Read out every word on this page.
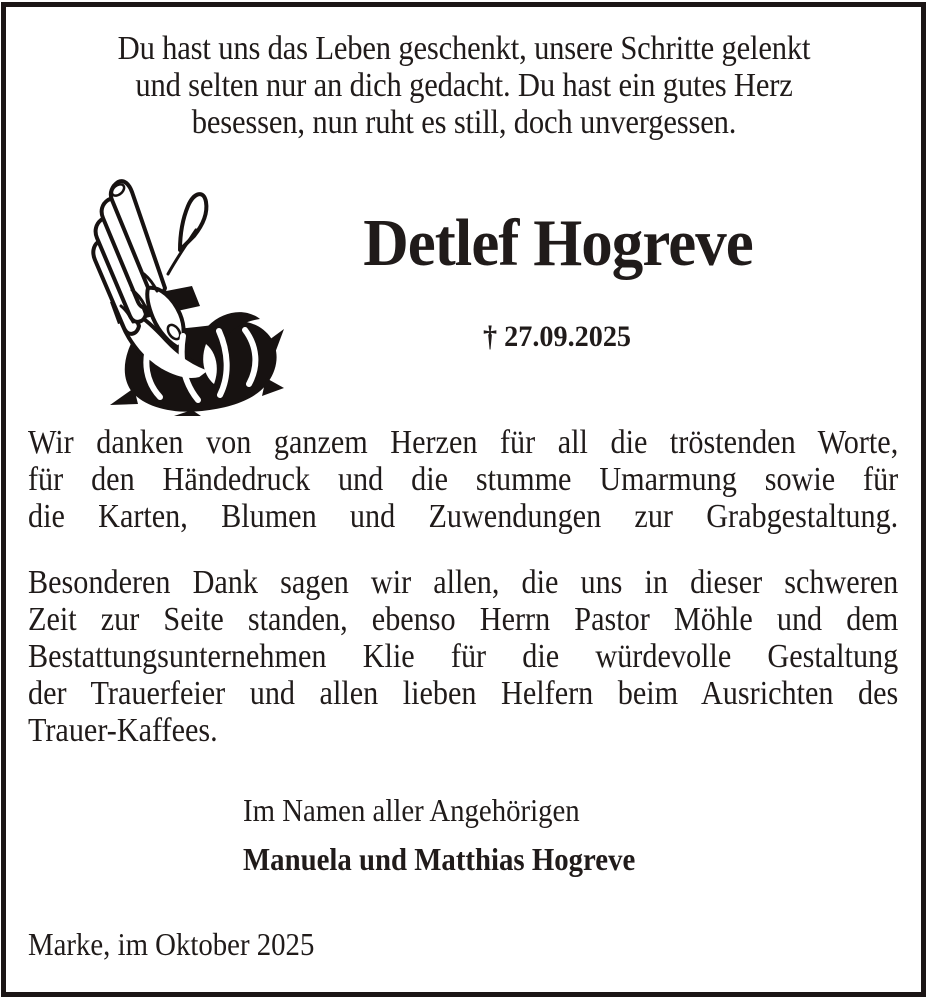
Du hast uns das Leben geschenkt, unsere Schritte gelenkt
und selten nur an dich gedacht. Du hast ein gutes Herz
besessen, nun ruht es still, doch unvergessen.
Detlef Hogreve
† 27.09.2025
Wir danken von ganzem Herzen für all die tröstenden Worte,
für den Händedruck und die stumme Umarmung sowie für
die Karten, Blumen und Zuwendungen zur Grabgestaltung.
Besonderen Dank sagen wir allen, die uns in dieser schweren
Zeit zur Seite standen, ebenso Herrn Pastor Möhle und dem
Bestattungsunternehmen Klie für die würdevolle Gestaltung
der Trauerfeier und allen lieben Helfern beim Ausrichten des
Trauer-Kaffees.
Im Namen aller Angehörigen
Manuela und Matthias Hogreve
Marke, im Oktober 2025
